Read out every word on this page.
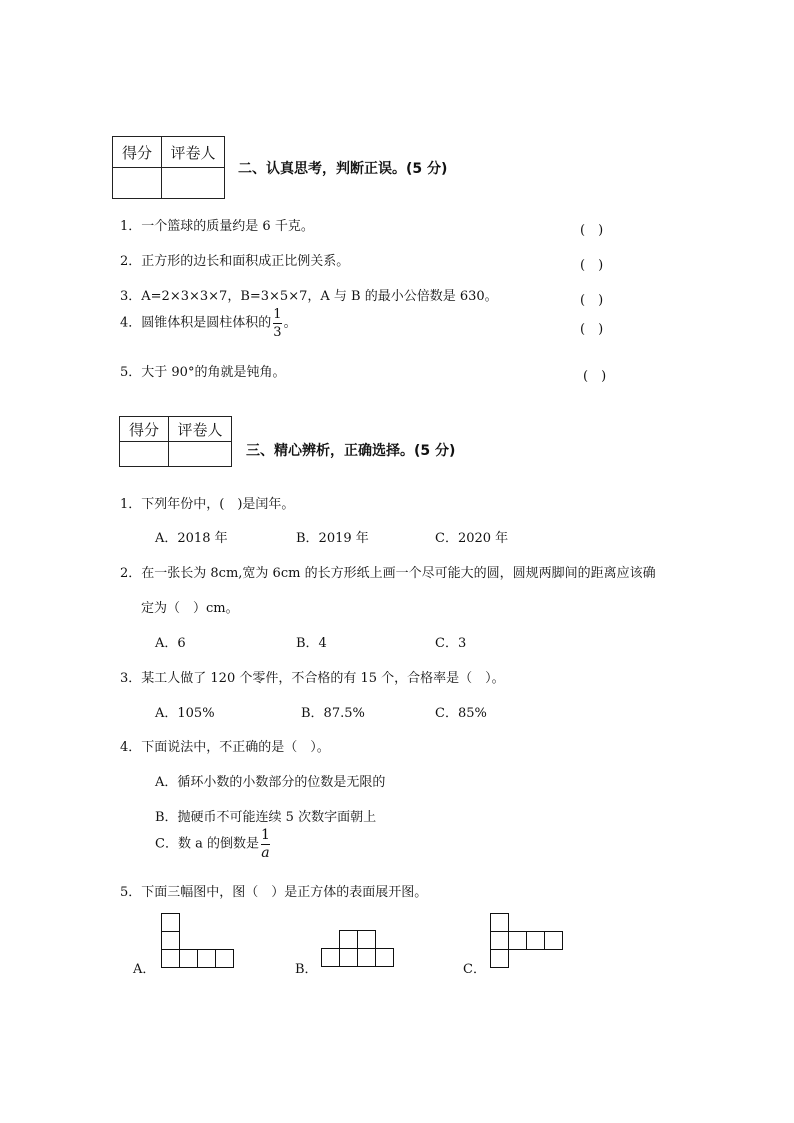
得分	评卷人

二、认真思考，判断正误。(5 分)
1．一个篮球的质量约是 6 千克。	(　)
2．正方形的边长和面积成正比例关系。	(　)
3．A=2×3×3×7，B=3×5×7，A 与 B 的最小公倍数是 630。	(　)
4．圆锥体积是圆柱体积的 $\frac{1}{3}$ 。	(　)
5．大于 90°的角就是钝角。	(　)
得分	评卷人

三、精心辨析，正确选择。(5 分)
1．下列年份中，(　)是闰年。
A．2018 年	B．2019 年	C．2020 年
2．在一张长为 8cm,宽为 6cm 的长方形纸上画一个尽可能大的圆，圆规两脚间的距离应该确
定为（　）cm。
A．6	B．4	C．3
3．某工人做了 120 个零件，不合格的有 15 个，合格率是（　）。
A．105%	B．87.5%	C．85%
4．下面说法中，不正确的是（　）。
A．循环小数的小数部分的位数是无限的
B．抛硬币不可能连续 5 次数字面朝上
C．数 a 的倒数是 $\frac{1}{a}$
5．下面三幅图中，图（　）是正方体的表面展开图。
A．	B．	C．
